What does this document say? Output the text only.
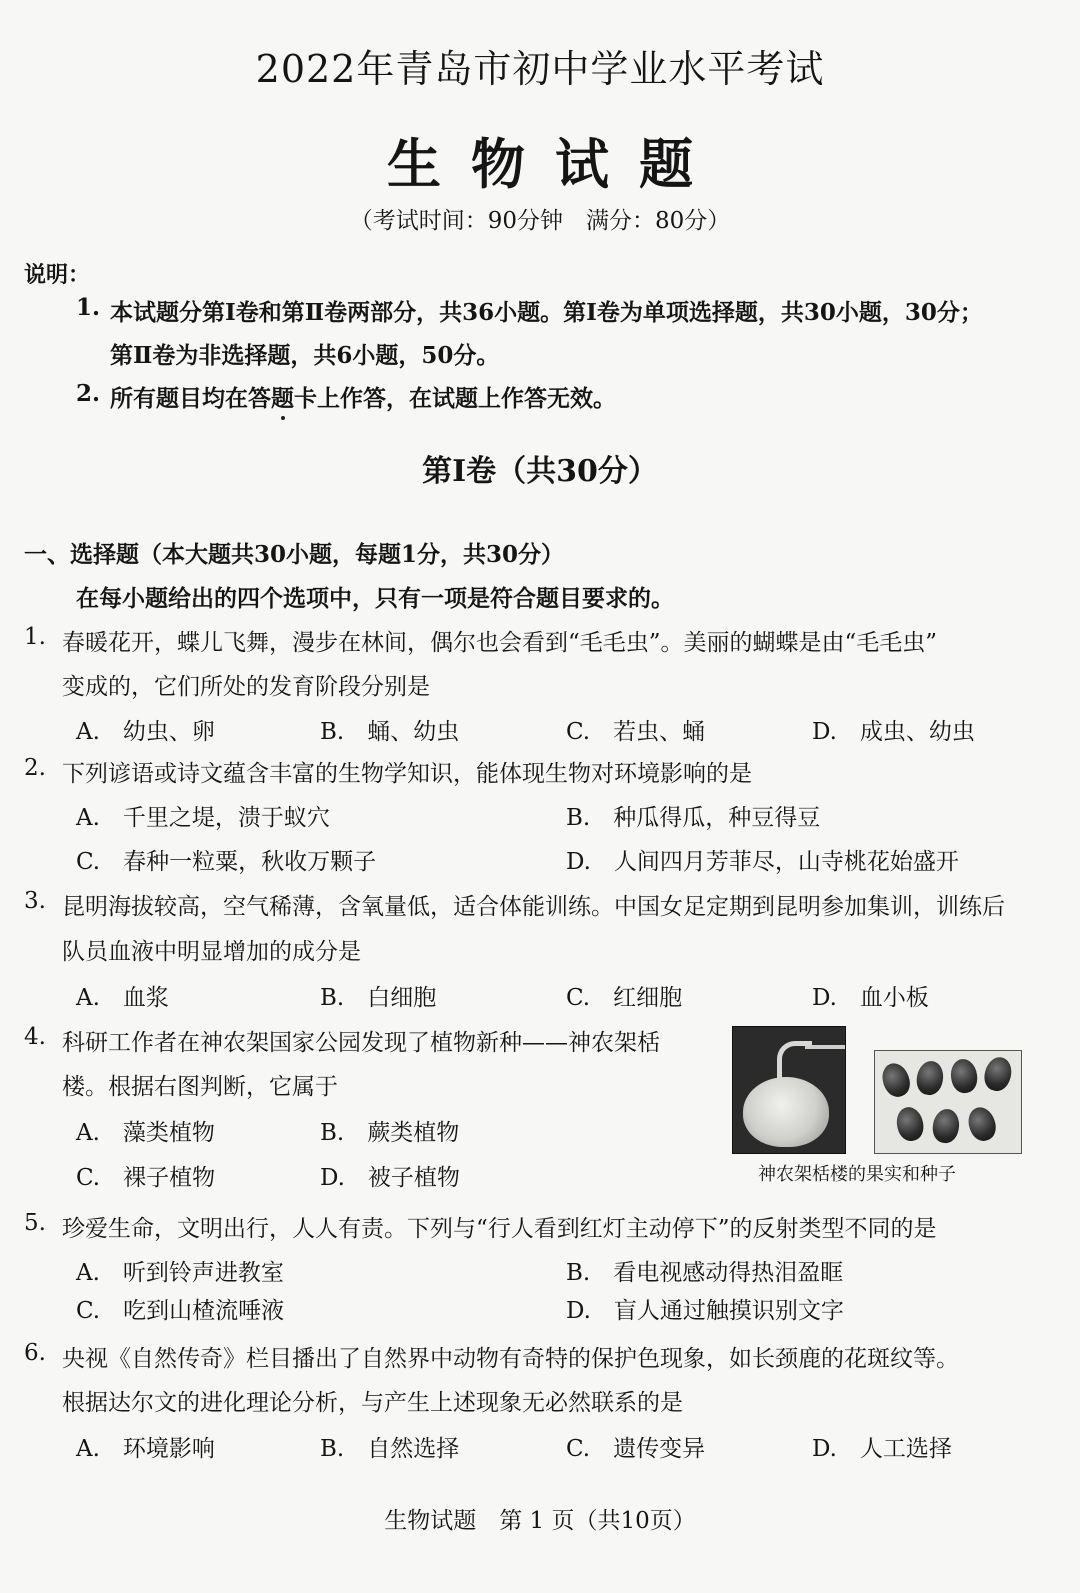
2022年青岛市初中学业水平考试
生物试题
（考试时间：90分钟　满分：80分）
说明：
1. 本试题分第Ⅰ卷和第Ⅱ卷两部分，共36小题。第Ⅰ卷为单项选择题，共30小题，30分；
第Ⅱ卷为非选择题，共6小题，50分。
2. 所有题目均在答题卡上作答，在试题上作答无效。
第Ⅰ卷（共30分）
一、选择题（本大题共30小题，每题1分，共30分）
在每小题给出的四个选项中，只有一项是符合题目要求的。
1. 春暖花开，蝶儿飞舞，漫步在林间，偶尔也会看到“毛毛虫”。美丽的蝴蝶是由“毛毛虫”
变成的，它们所处的发育阶段分别是
A.　幼虫、卵	B.　蛹、幼虫	C.　若虫、蛹	D.　成虫、幼虫
2. 下列谚语或诗文蕴含丰富的生物学知识，能体现生物对环境影响的是
A.　千里之堤，溃于蚁穴	B.　种瓜得瓜，种豆得豆
C.　春种一粒粟，秋收万颗子	D.　人间四月芳菲尽，山寺桃花始盛开
3. 昆明海拔较高，空气稀薄，含氧量低，适合体能训练。中国女足定期到昆明参加集训，训练后
队员血液中明显增加的成分是
A.　血浆	B.　白细胞	C.　红细胞	D.　血小板
4. 科研工作者在神农架国家公园发现了植物新种——神农架栝
楼。根据右图判断，它属于
A.　藻类植物	B.　蕨类植物
C.　裸子植物	D.　被子植物	神农架栝楼的果实和种子
5. 珍爱生命，文明出行，人人有责。下列与“行人看到红灯主动停下”的反射类型不同的是
A.　听到铃声进教室	B.　看电视感动得热泪盈眶
C.　吃到山楂流唾液	D.　盲人通过触摸识别文字
6. 央视《自然传奇》栏目播出了自然界中动物有奇特的保护色现象，如长颈鹿的花斑纹等。
根据达尔文的进化理论分析，与产生上述现象无必然联系的是
A.　环境影响	B.　自然选择	C.　遗传变异	D.　人工选择
生物试题　第 1 页（共10页）
